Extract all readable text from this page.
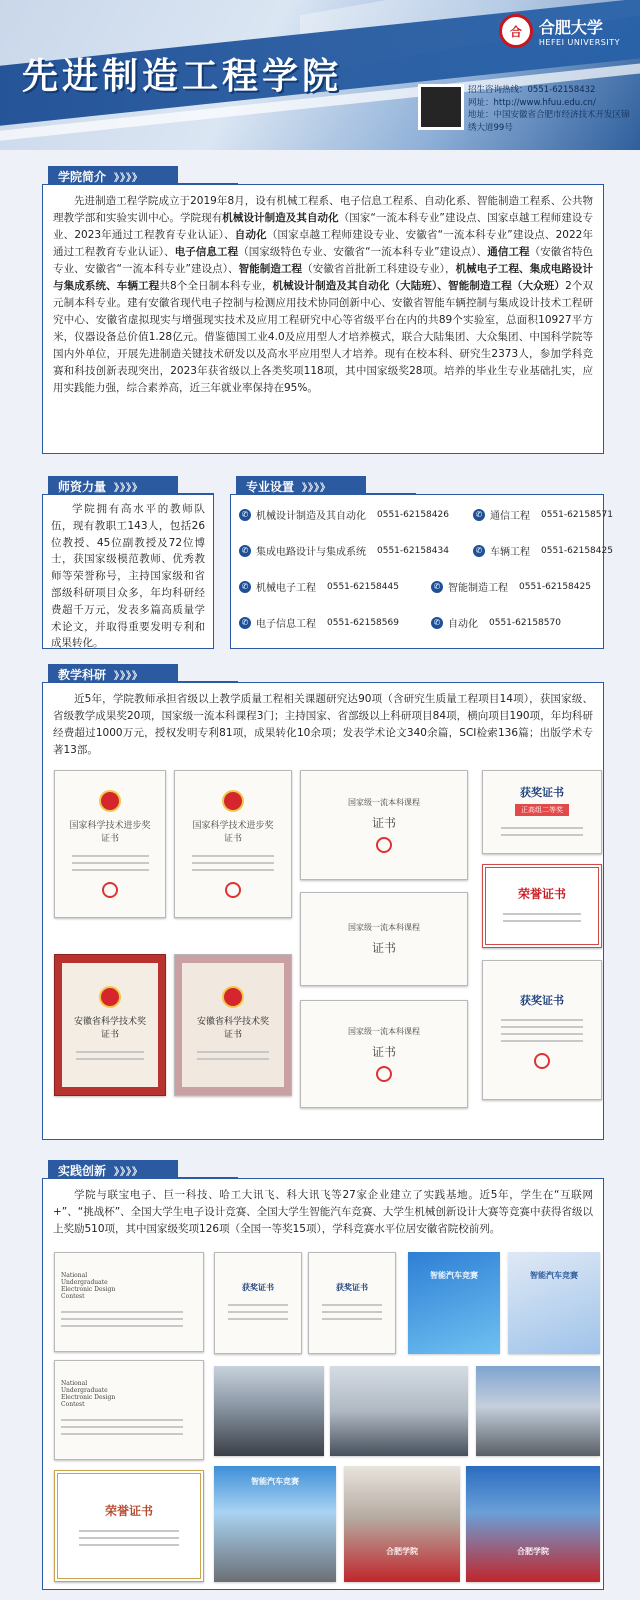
先进制造工程学院
合	合肥大学
HEFEI UNIVERSITY
招生咨询热线：0551-62158432
网址：http://www.hfuu.edu.cn/
地址：中国安徽省合肥市经济技术开发区锦绣大道99号
学院简介 》》》》

先进制造工程学院成立于2019年8月，设有机械工程系、电子信息工程系、自动化系、智能制造工程系、公共物理教学部和实验实训中心。学院现有机械设计制造及其自动化（国家“一流本科专业”建设点、国家卓越工程师建设专业、2023年通过工程教育专业认证）、自动化（国家卓越工程师建设专业、安徽省“一流本科专业”建设点、2022年通过工程教育专业认证）、电子信息工程（国家级特色专业、安徽省“一流本科专业”建设点）、通信工程（安徽省特色专业、安徽省“一流本科专业”建设点）、智能制造工程（安徽省首批新工科建设专业），机械电子工程、集成电路设计与集成系统、车辆工程共8个全日制本科专业，机械设计制造及其自动化（大陆班）、智能制造工程（大众班）2个双元制本科专业。建有安徽省现代电子控制与检测应用技术协同创新中心、安徽省智能车辆控制与集成设计技术工程研究中心、安徽省虚拟现实与增强现实技术及应用工程研究中心等省级平台在内的共89个实验室，总面积10927平方米，仪器设备总价值1.28亿元。借鉴德国工业4.0及应用型人才培养模式，联合大陆集团、大众集团、中国科学院等国内外单位，开展先进制造关键技术研发以及高水平应用型人才培养。现有在校本科、研究生2373人，参加学科竞赛和科技创新表现突出，2023年获省级以上各类奖项118项，其中国家级奖28项。培养的毕业生专业基础扎实，应用实践能力强，综合素养高，近三年就业率保持在95%。

师资力量 》》》》

学院拥有高水平的教师队伍，现有教职工143人，包括26位教授、45位副教授及72位博士，获国家级模范教师、优秀教师等荣誉称号，主持国家级和省部级科研项目众多，年均科研经费超千万元，发表多篇高质量学术论文，并取得重要发明专利和成果转化。

专业设置 》》》》
✆ 机械设计制造及其自动化 0551-62158426	✆ 通信工程 0551-62158571
✆ 集成电路设计与集成系统 0551-62158434	✆ 车辆工程 0551-62158425
✆ 机械电子工程 0551-62158445	✆ 智能制造工程 0551-62158425
✆ 电子信息工程 0551-62158569	✆ 自动化 0551-62158570
教学科研 》》》》

近5年，学院教师承担省级以上教学质量工程相关课题研究达90项（含研究生质量工程项目14项），获国家级、省级教学成果奖20项，国家级一流本科课程3门；主持国家、省部级以上科研项目84项，横向项目190项，年均科研经费超过1000万元，授权发明专利81项，成果转化10余项；发表学术论文340余篇，SCI检索136篇；出版学术专著13部。

国家科学技术进步奖
证书
国家科学技术进步奖
证书
安徽省科学技术奖
证书
安徽省科学技术奖
证书
国家级一流本科课程
证书
国家级一流本科课程
证书
国家级一流本科课程
证书
获奖证书
正高组二等奖
荣誉证书
获奖证书
实践创新 》》》》

学院与联宝电子、巨一科技、哈工大讯飞、科大讯飞等27家企业建立了实践基地。近5年，学生在“互联网+”、“挑战杯”、全国大学生电子设计竞赛、全国大学生智能汽车竞赛、大学生机械创新设计大赛等竞赛中获得省级以上奖励510项，其中国家级奖项126项（全国一等奖15项），学科竞赛水平位居安徽省院校前列。

National Undergraduate Electronic Design Contest
National Undergraduate Electronic Design Contest
荣誉证书
获奖证书	获奖证书
智能汽车竞赛	智能汽车竞赛
智能汽车竞赛
合肥学院	合肥学院
